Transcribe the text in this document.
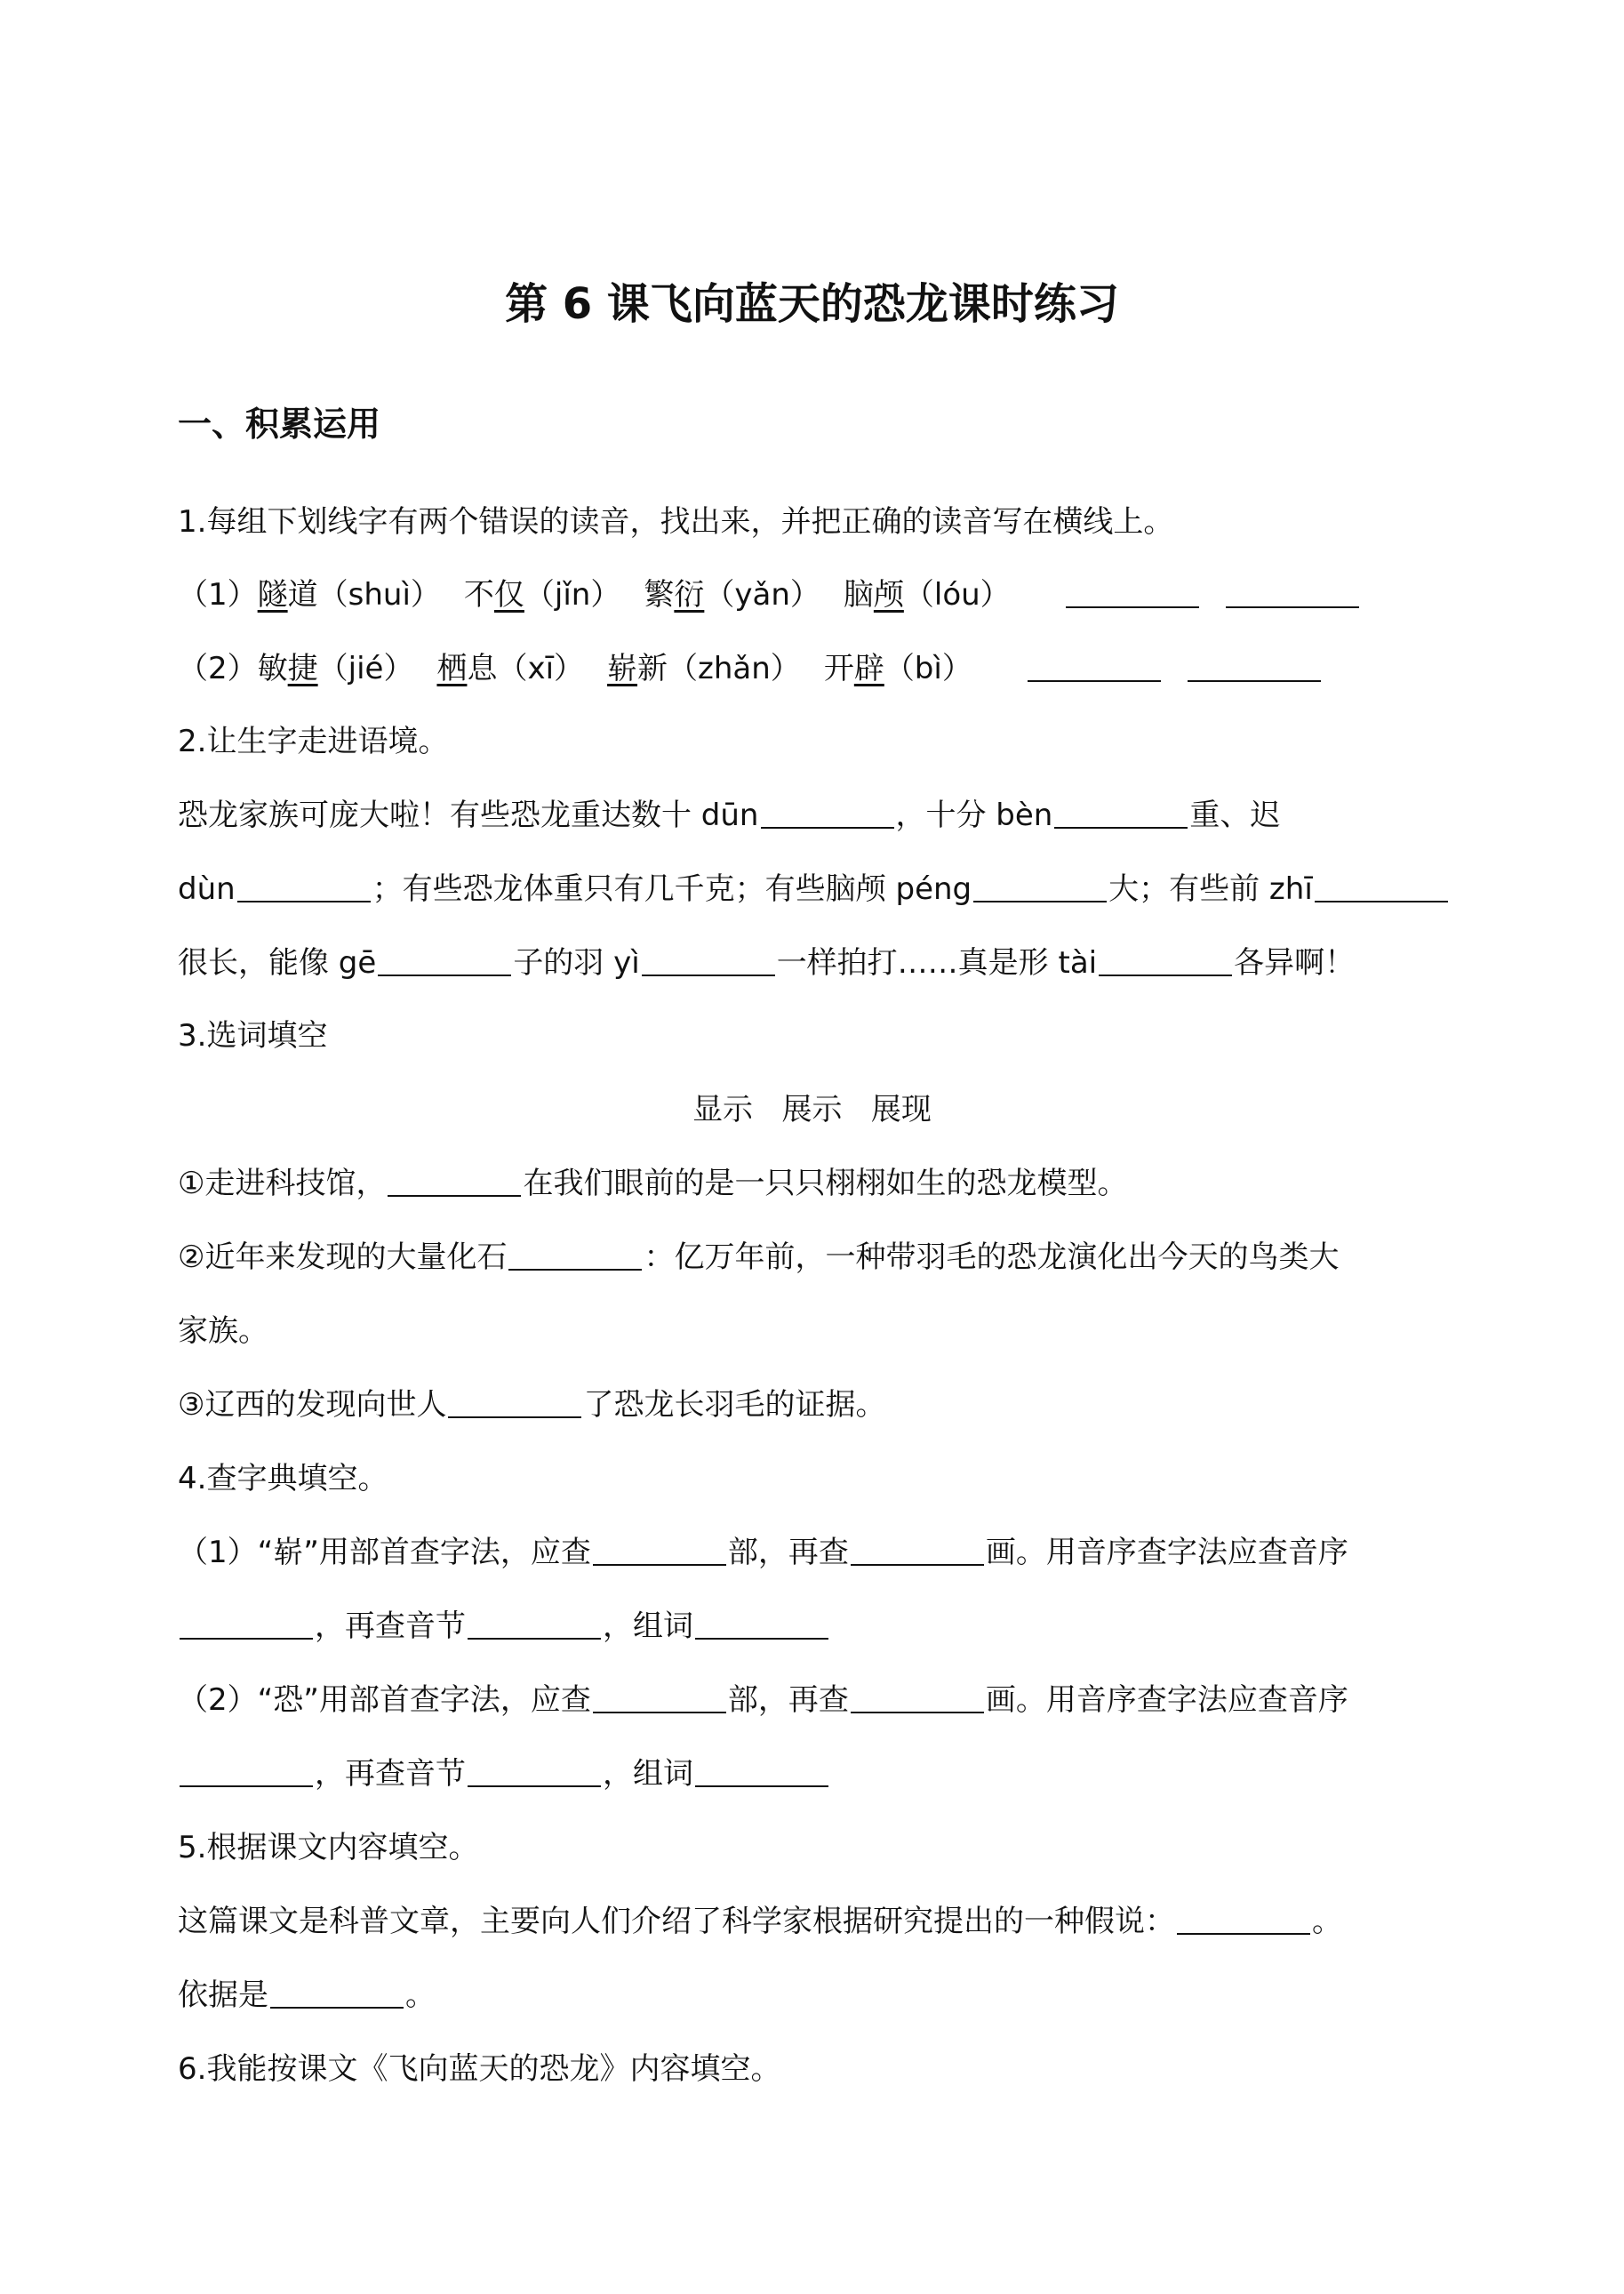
第 6 课飞向蓝天的恐龙课时练习
一、积累运用
1.每组下划线字有两个错误的读音，找出来，并把正确的读音写在横线上。
（1）隧道（shuì） 不仅（jǐn） 繁衍（yǎn） 脑颅（lóu）
（2）敏捷（jié） 栖息（xī） 崭新（zhǎn） 开辟（bì）
2.让生字走进语境。
恐龙家族可庞大啦！有些恐龙重达数十 dūn	，十分 bèn	重、迟
dùn	；有些恐龙体重只有几千克；有些脑颅 péng	大；有些前 zhī
很长，能像 gē	子的羽 yì	一样拍打……真是形 tài	各异啊！
3.选词填空
显示   展示   展现
①走进科技馆，	在我们眼前的是一只只栩栩如生的恐龙模型。
②近年来发现的大量化石	：亿万年前，一种带羽毛的恐龙演化出今天的鸟类大
家族。
③辽西的发现向世人	了恐龙长羽毛的证据。
4.查字典填空。
（1）“崭”用部首查字法，应查	部，再查	画。用音序查字法应查音序
，再查音节	，组词
（2）“恐”用部首查字法，应查	部，再查	画。用音序查字法应查音序
，再查音节	，组词
5.根据课文内容填空。
这篇课文是科普文章，主要向人们介绍了科学家根据研究提出的一种假说：	。
依据是	。
6.我能按课文《飞向蓝天的恐龙》内容填空。
